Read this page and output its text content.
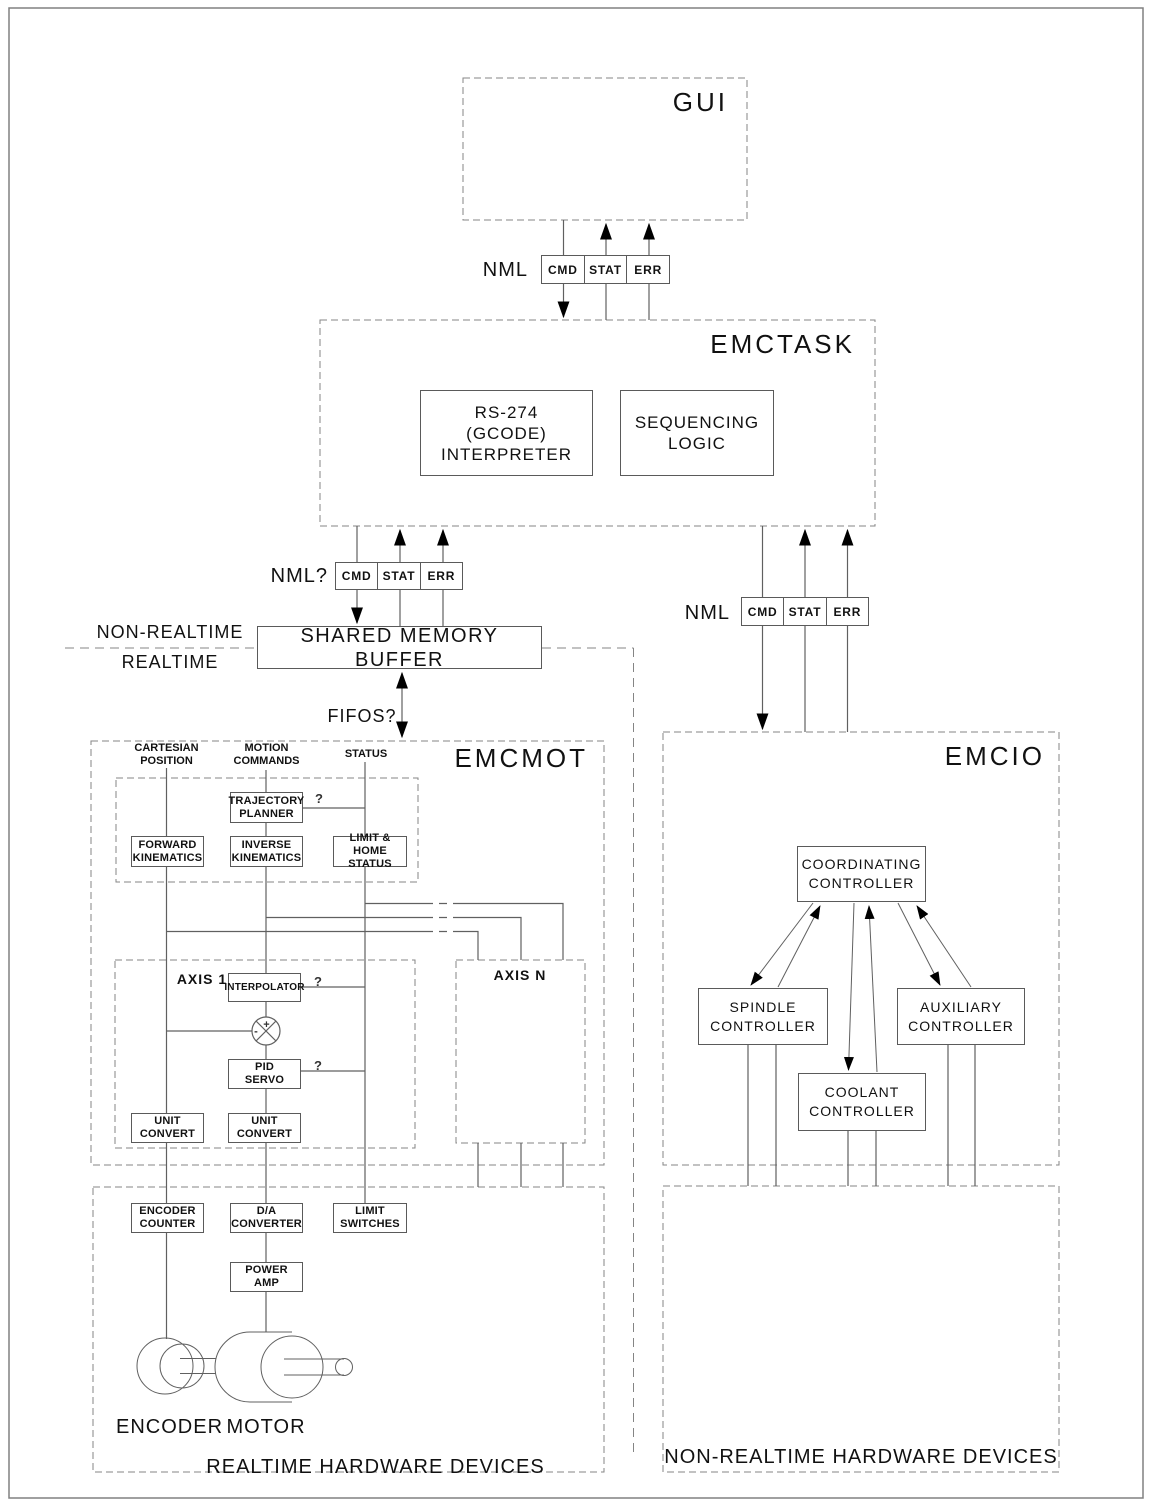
+
-
GUI
NML	CMD STAT	ERR
EMCTASK
RS-274
(GCODE)
INTERPRETER
SEQUENCING
LOGIC
NML?	CMD STAT	ERR
NML	CMD STAT	ERR
NON-REALTIME
REALTIME
SHARED MEMORY BUFFER
FIFOS?
EMCMOT
CARTESIAN
POSITION
MOTION
COMMANDS
STATUS
TRAJECTORY
PLANNER
?
FORWARD
KINEMATICS
INVERSE
KINEMATICS
LIMIT & HOME
STATUS
AXIS 1	AXIS N
INTERPOLATOR ?
PID
SERVO
?
UNIT
CONVERT
UNIT
CONVERT
EMCIO
COORDINATING
CONTROLLER
SPINDLE
CONTROLLER
AUXILIARY
CONTROLLER
COOLANT
CONTROLLER
ENCODER
COUNTER
D/A
CONVERTER
LIMIT
SWITCHES
POWER
AMP
ENCODER MOTOR
REALTIME HARDWARE DEVICES	NON-REALTIME HARDWARE DEVICES
